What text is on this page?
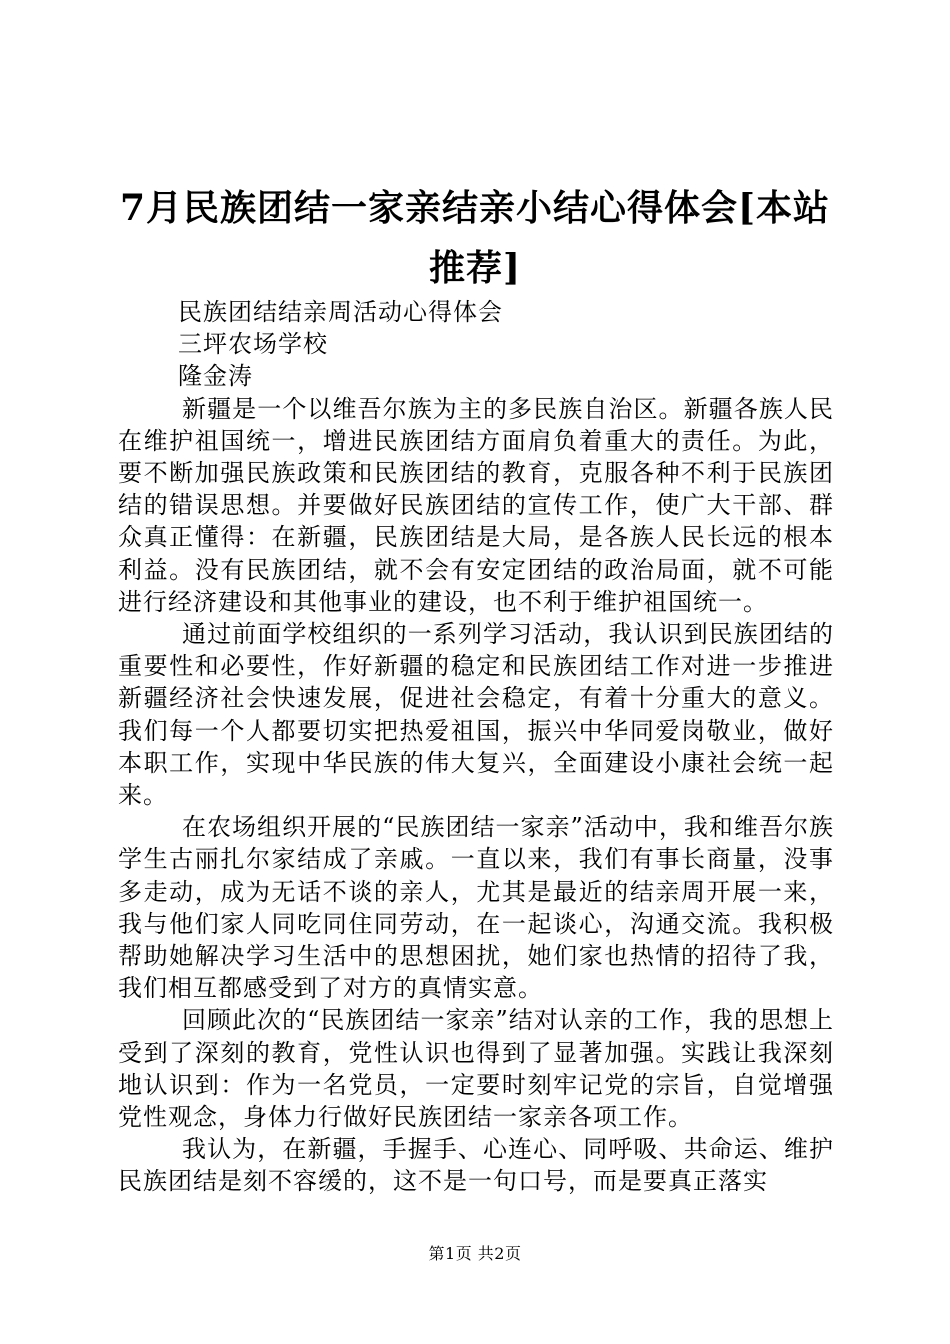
7月民族团结一家亲结亲小结心得体会[本站
推荐]

民族团结结亲周活动心得体会

三坪农场学校

隆金涛

新疆是一个以维吾尔族为主的多民族自治区。新疆各族人民在维护祖国统一，增进民族团结方面肩负着重大的责任。为此，要不断加强民族政策和民族团结的教育，克服各种不利于民族团结的错误思想。并要做好民族团结的宣传工作，使广大干部、群众真正懂得：在新疆，民族团结是大局，是各族人民长远的根本利益。没有民族团结，就不会有安定团结的政治局面，就不可能进行经济建设和其他事业的建设，也不利于维护祖国统一。

通过前面学校组织的一系列学习活动，我认识到民族团结的重要性和必要性，作好新疆的稳定和民族团结工作对进一步推进新疆经济社会快速发展，促进社会稳定，有着十分重大的意义。我们每一个人都要切实把热爱祖国，振兴中华同爱岗敬业，做好本职工作，实现中华民族的伟大复兴，全面建设小康社会统一起来。

在农场组织开展的“民族团结一家亲”活动中，我和维吾尔族学生古丽扎尔家结成了亲戚。一直以来，我们有事长商量，没事多走动，成为无话不谈的亲人，尤其是最近的结亲周开展一来，我与他们家人同吃同住同劳动，在一起谈心，沟通交流。我积极帮助她解决学习生活中的思想困扰，她们家也热情的招待了我，我们相互都感受到了对方的真情实意。

回顾此次的“民族团结一家亲”结对认亲的工作，我的思想上受到了深刻的教育，党性认识也得到了显著加强。实践让我深刻地认识到：作为一名党员，一定要时刻牢记党的宗旨，自觉增强党性观念，身体力行做好民族团结一家亲各项工作。

我认为，在新疆，手握手、心连心、同呼吸、共命运、维护民族团结是刻不容缓的，这不是一句口号，而是要真正落实

第1页 共2页
